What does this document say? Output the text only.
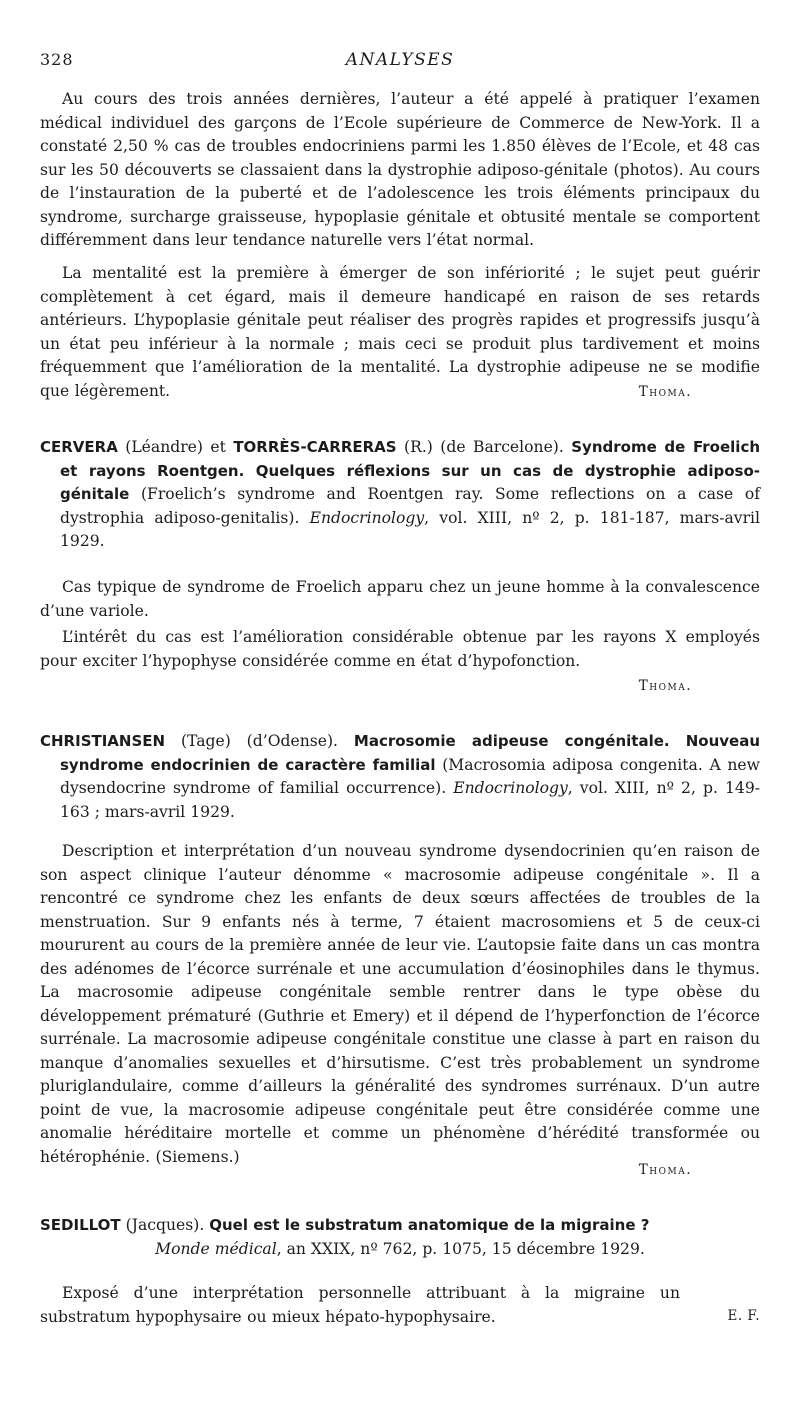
328	ANALYSES

Au cours des trois années dernières, l’auteur a été appelé à pratiquer l’examen médical individuel des garçons de l’Ecole supérieure de Commerce de New-York. Il a constaté 2,50 % cas de troubles endocriniens parmi les 1.850 élèves de l’Ecole, et 48 cas sur les 50 découverts se classaient dans la dystrophie adiposo-génitale (photos). Au cours de l’instauration de la puberté et de l’adolescence les trois éléments principaux du syndrome, surcharge graisseuse, hypoplasie génitale et obtusité mentale se comportent différemment dans leur tendance naturelle vers l’état normal.

La mentalité est la première à émerger de son infériorité ; le sujet peut guérir complètement à cet égard, mais il demeure handicapé en raison de ses retards antérieurs. L’hypoplasie génitale peut réaliser des progrès rapides et progressifs jusqu’à un état peu inférieur à la normale ; mais ceci se produit plus tardivement et moins fréquemment que l’amélioration de la mentalité. La dystrophie adipeuse ne se modifie que légèrement.	Thoma.

CERVERA (Léandre) et TORRÈS-CARRERAS (R.) (de Barcelone). Syndrome de Froelich et rayons Roentgen. Quelques réflexions sur un cas de dystrophie adiposo-génitale (Froelich’s syndrome and Roentgen ray. Some reflections on a case of dystrophia adiposo-genitalis). Endocrinology, vol. XIII, nº 2, p. 181-187, mars-avril 1929.

Cas typique de syndrome de Froelich apparu chez un jeune homme à la convalescence d’une variole.

L’intérêt du cas est l’amélioration considérable obtenue par les rayons X employés pour exciter l’hypophyse considérée comme en état d’hypofonction.

Thoma.

CHRISTIANSEN (Tage) (d’Odense). Macrosomie adipeuse congénitale. Nouveau syndrome endocrinien de caractère familial (Macrosomia adiposa congenita. A new dysendocrine syndrome of familial occurrence). Endocrinology, vol. XIII, nº 2, p. 149-163 ; mars-avril 1929.

Description et interprétation d’un nouveau syndrome dysendocrinien qu’en raison de son aspect clinique l’auteur dénomme « macrosomie adipeuse congénitale ». Il a rencontré ce syndrome chez les enfants de deux sœurs affectées de troubles de la menstruation. Sur 9 enfants nés à terme, 7 étaient macrosomiens et 5 de ceux-ci moururent au cours de la première année de leur vie. L’autopsie faite dans un cas montra des adénomes de l’écorce surrénale et une accumulation d’éosinophiles dans le thymus. La macrosomie adipeuse congénitale semble rentrer dans le type obèse du développement prématuré (Guthrie et Emery) et il dépend de l’hyperfonction de l’écorce surrénale. La macrosomie adipeuse congénitale constitue une classe à part en raison du manque d’anomalies sexuelles et d’hirsutisme. C’est très probablement un syndrome pluriglandulaire, comme d’ailleurs la généralité des syndromes surrénaux. D’un autre point de vue, la macrosomie adipeuse congénitale peut être considérée comme une anomalie héréditaire mortelle et comme un phénomène d’hérédité transformée ou hétérophénie. (Siemens.)

Thoma.

SEDILLOT (Jacques). Quel est le substratum anatomique de la migraine ?

Monde médical, an XXIX, nº 762, p. 1075, 15 décembre 1929.

Exposé d’une interprétation personnelle attribuant à la migraine un substratum hypophysaire ou mieux hépato-hypophysaire.	E. F.
